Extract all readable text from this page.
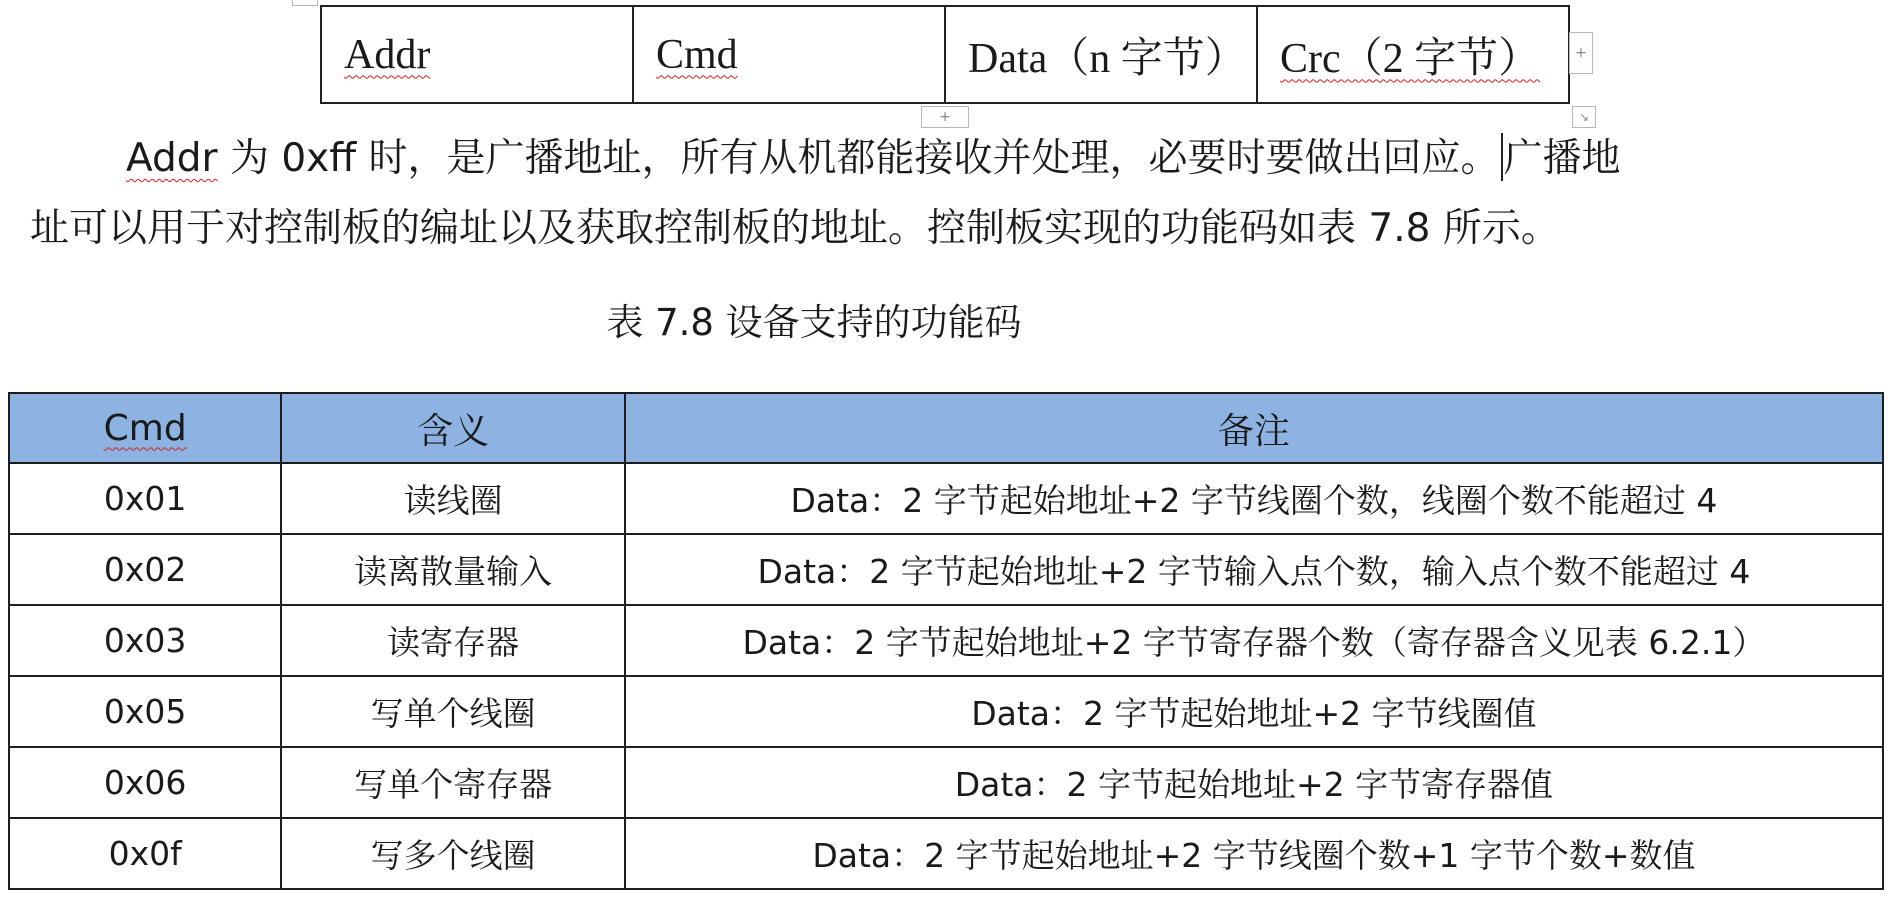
Addr	Cmd	Data（n 字节）	Crc（2 字节）	+
+	↘
Addr 为 0xff 时，是广播地址，所有从机都能接收并处理，必要时要做出回应。 广播地
址可以用于对控制板的编址以及获取控制板的地址。控制板实现的功能码如表 7.8 所示。
表 7.8 设备支持的功能码
Cmd	含义	备注
0x01	读线圈	Data：2 字节起始地址+2 字节线圈个数，线圈个数不能超过 4
0x02	读离散量输入	Data：2 字节起始地址+2 字节输入点个数，输入点个数不能超过 4
0x03	读寄存器	Data：2 字节起始地址+2 字节寄存器个数（寄存器含义见表 6.2.1）
0x05	写单个线圈	Data：2 字节起始地址+2 字节线圈值
0x06	写单个寄存器	Data：2 字节起始地址+2 字节寄存器值
0x0f	写多个线圈	Data：2 字节起始地址+2 字节线圈个数+1 字节个数+数值
